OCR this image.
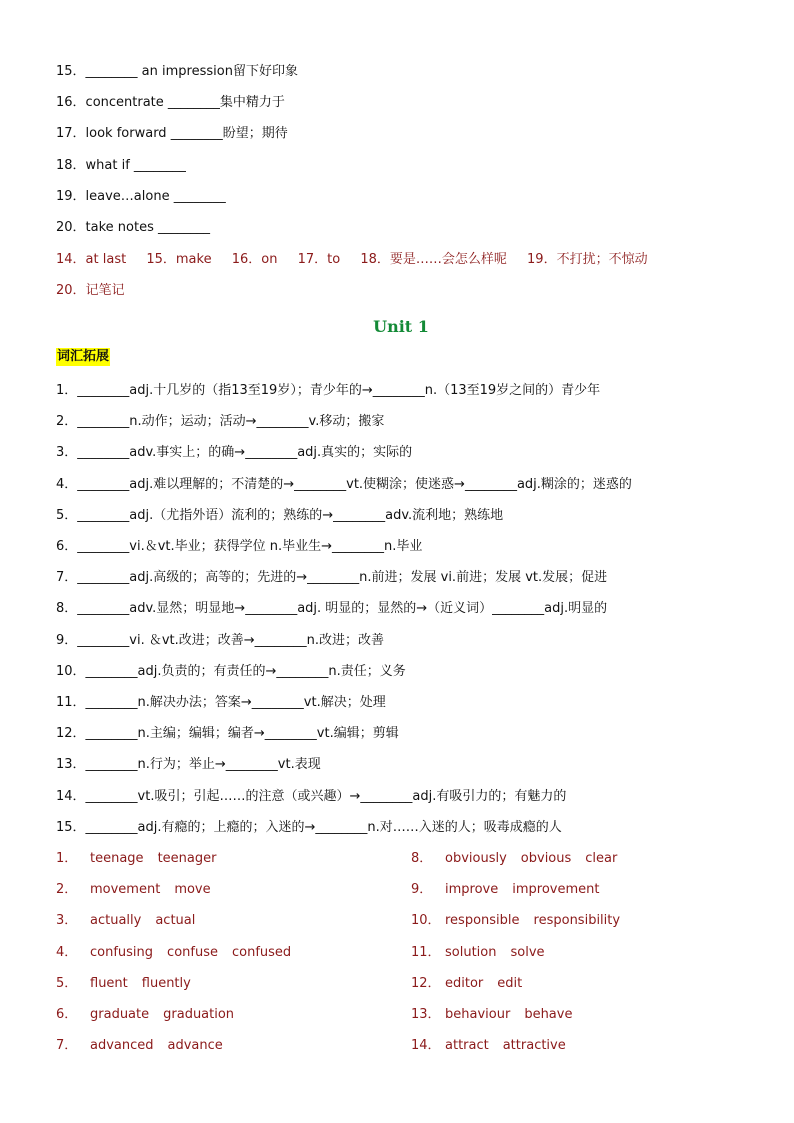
15．________ an impression留下好印象
16．concentrate ________集中精力于
17．look forward ________盼望；期待
18．what if ________
19．leave…alone ________
20．take notes ________
14．at last 15．make 16．on 17．to 18．要是……会怎么样呢 19．不打扰；不惊动
20．记笔记
Unit 1
词汇拓展
1．________adj.十几岁的（指13至19岁）；青少年的→________n.（13至19岁之间的）青少年
2．________n.动作；运动；活动→________v.移动；搬家
3．________adv.事实上；的确→________adj.真实的；实际的
4．________adj.难以理解的；不清楚的→________vt.使糊涂；使迷惑→________adj.糊涂的；迷惑的
5．________adj.（尤指外语）流利的；熟练的→________adv.流利地；熟练地
6．________vi.＆vt.毕业；获得学位 n.毕业生→________n.毕业
7．________adj.高级的；高等的；先进的→________n.前进；发展 vi.前进；发展 vt.发展；促进
8．________adv.显然；明显地→________adj. 明显的；显然的→（近义词）________adj.明显的
9．________vi. ＆vt.改进；改善→________n.改进；改善
10．________adj.负责的；有责任的→________n.责任；义务
11．________n.解决办法；答案→________vt.解决；处理
12．________n.主编；编辑；编者→________vt.编辑；剪辑
13．________n.行为；举止→________vt.表现
14．________vt.吸引；引起……的注意（或兴趣）→________adj.有吸引力的；有魅力的
15．________adj.有瘾的；上瘾的；入迷的→________n.对……入迷的人；吸毒成瘾的人
1． teenage teenager
2． movement move
3． actually actual
4． confusing confuse confused
5． fluent fluently
6． graduate graduation
7． advanced advance
8． obviously obvious clear
9． improve improvement
10． responsible responsibility
11． solution solve
12． editor edit
13． behaviour behave
14． attract attractive
